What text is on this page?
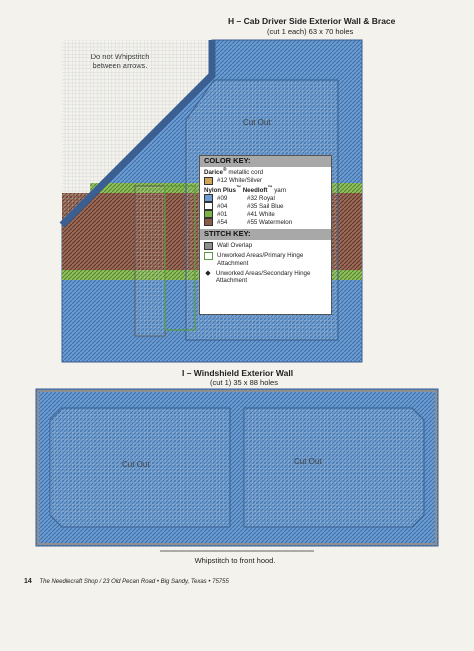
H – Cab Driver Side Exterior Wall & Brace
(cut 1 each) 63 x 70 holes
Cut Out
COLOR KEY:
Darice® metallic cord
#12 White/Silver
Nylon Plus™ Needloft™ yarn
#09	#32 Royal
#04	#35 Sail Blue
#01	#41 White
#54	#55 Watermelon
STITCH KEY:
Wall Overlap
Unworked Areas/Primary Hinge Attachment
◆ Unworked Areas/Secondary Hinge Attachment
I – Windshield Exterior Wall
(cut 1) 35 x 88 holes
Cut Out	Cut Out
Whipstitch to front hood.
14 The Needlecraft Shop / 23 Old Pecan Road • Big Sandy, Texas • 75755
